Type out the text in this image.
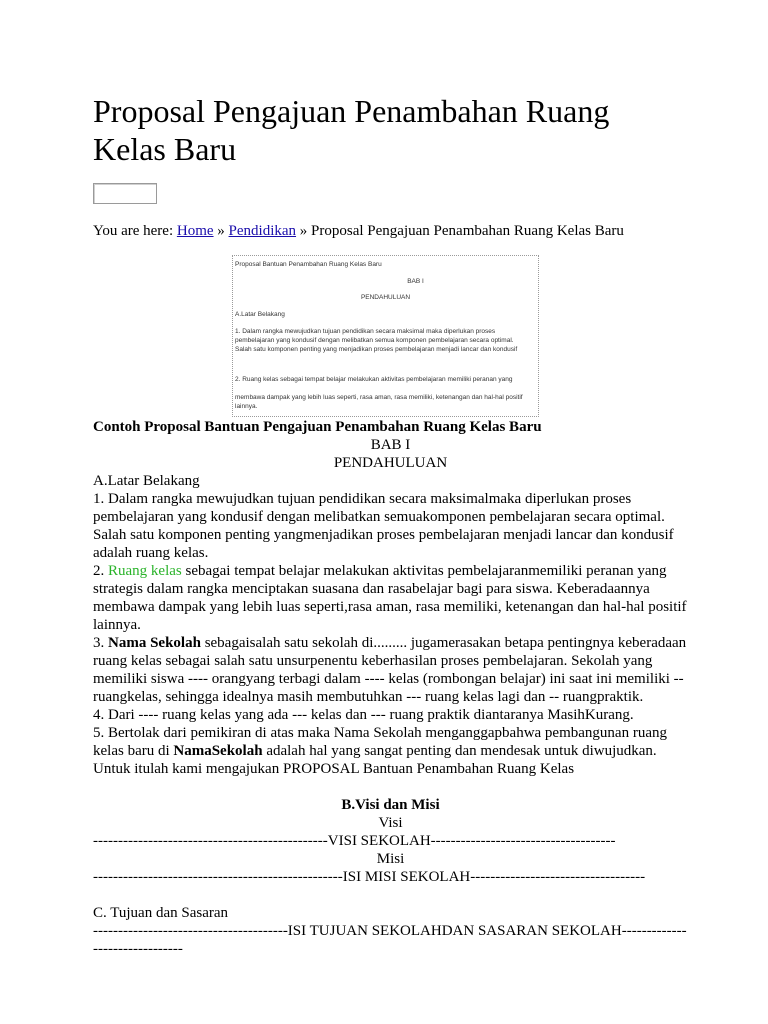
Proposal Pengajuan Penambahan Ruang Kelas Baru
You are here: Home » Pendidikan » Proposal Pengajuan Penambahan Ruang Kelas Baru
Proposal Bantuan Penambahan Ruang Kelas Baru
BAB I
PENDAHULUAN
A.Latar Belakang
1. Dalam rangka mewujudkan tujuan pendidikan secara maksimal maka diperlukan proses
pembelajaran yang kondusif dengan melibatkan semua komponen pembelajaran secara optimal.
Salah satu komponen penting yang menjadikan proses pembelajaran menjadi lancar dan kondusif
2. Ruang kelas sebagai tempat belajar melakukan aktivitas pembelajaran memiliki peranan yang
membawa dampak yang lebih luas seperti, rasa aman, rasa memiliki, ketenangan dan hal-hal positif
lainnya.

Contoh Proposal Bantuan Pengajuan Penambahan Ruang Kelas Baru

BAB I

PENDAHULUAN

A.Latar Belakang

1. Dalam rangka mewujudkan tujuan pendidikan secara maksimalmaka diperlukan proses pembelajaran yang kondusif dengan melibatkan semuakomponen pembelajaran secara optimal. Salah satu komponen penting yangmenjadikan proses pembelajaran menjadi lancar dan kondusif adalah ruang kelas.

2. Ruang kelas sebagai tempat belajar melakukan aktivitas pembelajaranmemiliki peranan yang strategis dalam rangka menciptakan suasana dan rasabelajar bagi para siswa. Keberadaannya membawa dampak yang lebih luas seperti,rasa aman, rasa memiliki, ketenangan dan hal-hal positif lainnya.

3. Nama Sekolah sebagaisalah satu sekolah di......... jugamerasakan betapa pentingnya keberadaan ruang kelas sebagai salah satu unsurpenentu keberhasilan proses pembelajaran. Sekolah yang memiliki siswa ---- orangyang terbagi dalam ---- kelas (rombongan belajar) ini saat ini memiliki --ruangkelas, sehingga idealnya masih membutuhkan --- ruang kelas lagi dan -- ruangpraktik.

4. Dari ---- ruang kelas yang ada --- kelas dan --- ruang praktik diantaranya MasihKurang.

5. Bertolak dari pemikiran di atas maka Nama Sekolah menganggapbahwa pembangunan ruang kelas baru di NamaSekolah adalah hal yang sangat penting dan mendesak untuk diwujudkan.

Untuk itulah kami mengajukan PROPOSAL Bantuan Penambahan Ruang Kelas

B.Visi dan Misi

Visi

-----------------------------------------------VISI SEKOLAH-------------------------------------

Misi

--------------------------------------------------ISI MISI SEKOLAH-----------------------------------

C. Tujuan dan Sasaran

---------------------------------------ISI TUJUAN SEKOLAHDAN SASARAN SEKOLAH-------------------------------
